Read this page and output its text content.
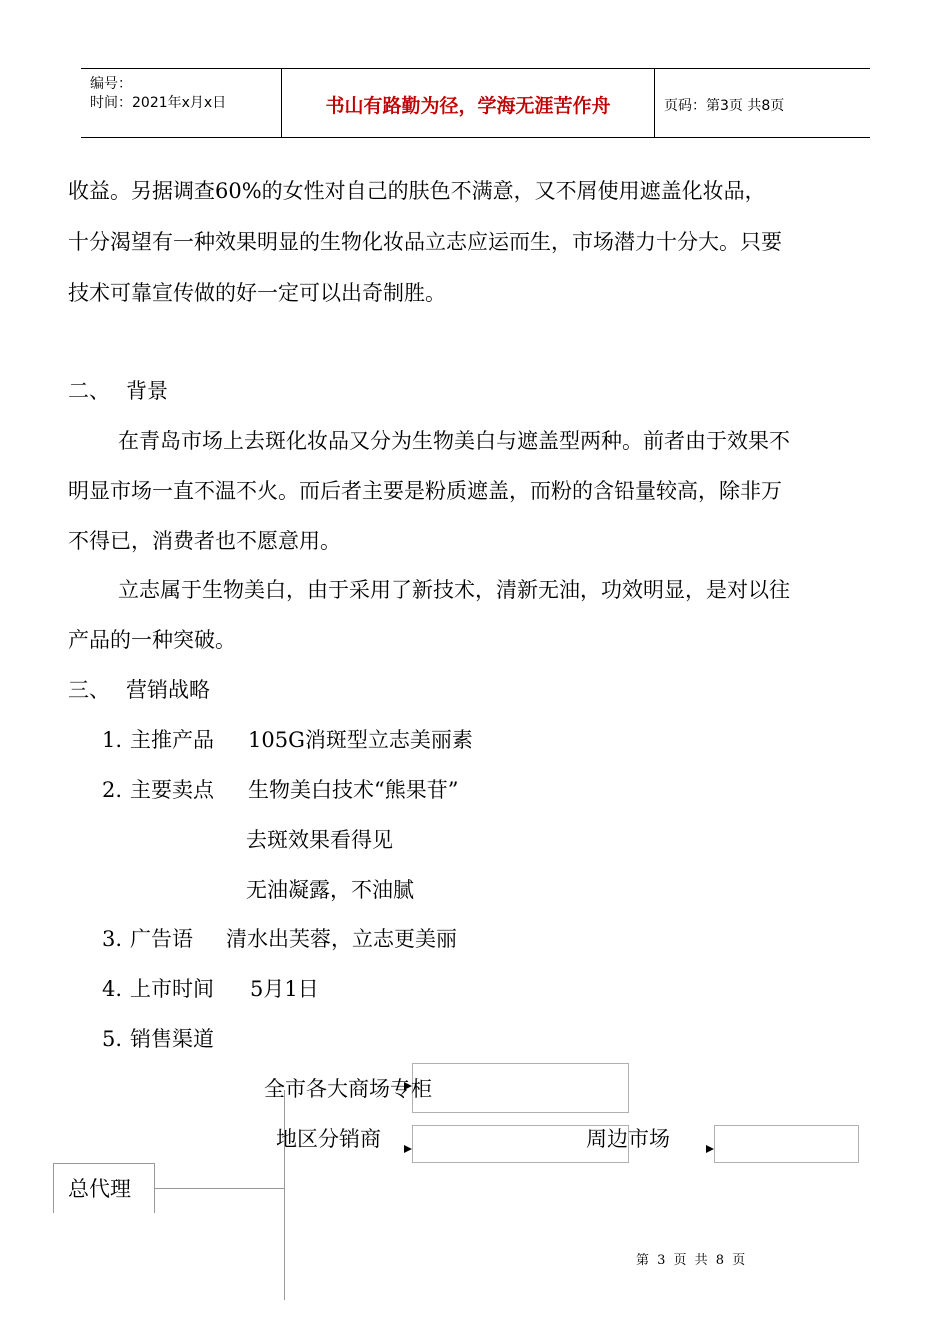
编号：
时间：2021年x月x日	书山有路勤为径，学海无涯苦作舟	页码：第3页 共8页
收益。另据调查60%的女性对自己的肤色不满意，又不屑使用遮盖化妆品，
十分渴望有一种效果明显的生物化妆品立志应运而生，市场潜力十分大。只要
技术可靠宣传做的好一定可以出奇制胜。
二、 背景
在青岛市场上去斑化妆品又分为生物美白与遮盖型两种。前者由于效果不
明显市场一直不温不火。而后者主要是粉质遮盖，而粉的含铅量较高，除非万
不得已，消费者也不愿意用。
立志属于生物美白，由于采用了新技术，清新无油，功效明显，是对以往
产品的一种突破。
三、 营销战略
1. 主推产品 105G消斑型立志美丽素
2. 主要卖点 生物美白技术“熊果苷”
去斑效果看得见
无油凝露，不油腻
3. 广告语 清水出芙蓉，立志更美丽
4. 上市时间 5月1日
5. 销售渠道
全市各大商场专柜
地区分销商	周边市场
总代理
第 3 页 共 8 页
